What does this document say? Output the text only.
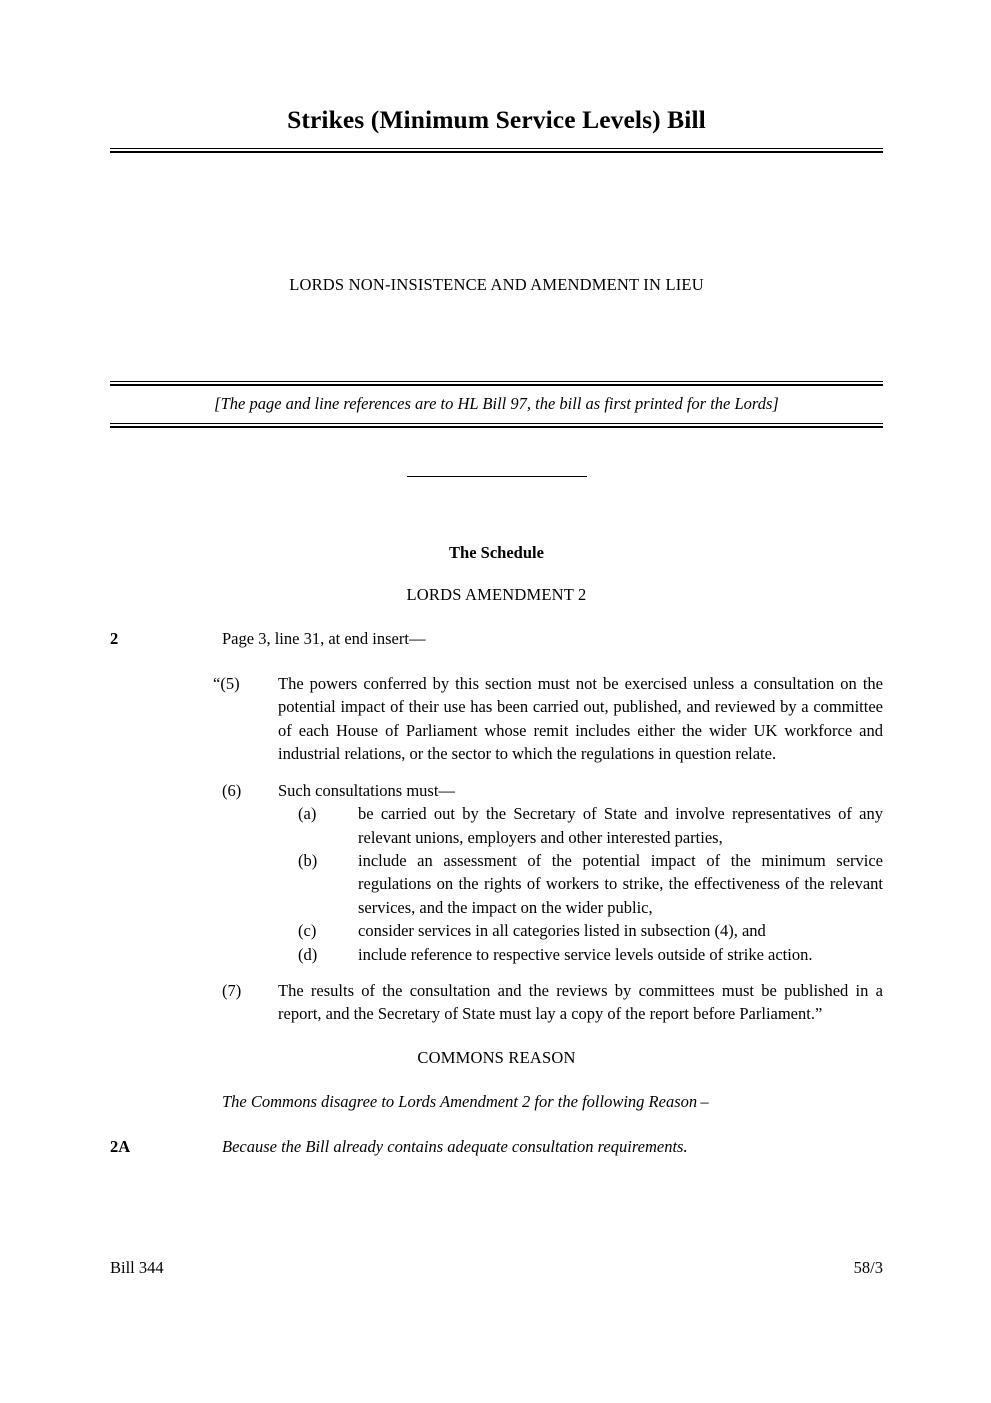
Strikes (Minimum Service Levels) Bill

LORDS NON-INSISTENCE AND AMENDMENT IN LIEU

[The page and line references are to HL Bill 97, the bill as first printed for the Lords]

The Schedule

LORDS AMENDMENT 2

2	Page 3, line 31, at end insert—
“(5)	The powers conferred by this section must not be exercised unless a consultation on the potential impact of their use has been carried out, published, and reviewed by a committee of each House of Parliament whose remit includes either the wider UK workforce and industrial relations, or the sector to which the regulations in question relate.
(6)	Such consultations must—
(a)	be carried out by the Secretary of State and involve representatives of any relevant unions, employers and other interested parties,
(b)	include an assessment of the potential impact of the minimum service regulations on the rights of workers to strike, the effectiveness of the relevant services, and the impact on the wider public,
(c)	consider services in all categories listed in subsection (4), and
(d)	include reference to respective service levels outside of strike action.
(7)	The results of the consultation and the reviews by committees must be published in a report, and the Secretary of State must lay a copy of the report before Parliament.”

COMMONS REASON

The Commons disagree to Lords Amendment 2 for the following Reason –
2A	Because the Bill already contains adequate consultation requirements.
Bill 344	58/3
